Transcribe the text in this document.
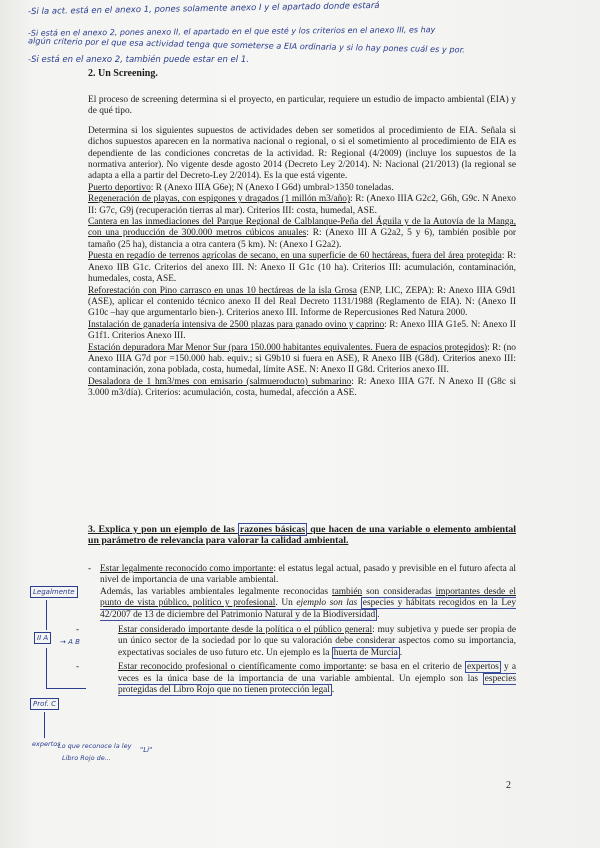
-Si la act. está en el anexo 1, pones solamente anexo I y el apartado donde estará
-Si está en el anexo 2, pones anexo II, el apartado en el que esté y los criterios en el anexo III, es hay
algún criterio por el que esa actividad tenga que someterse a EIA ordinaria y si lo hay pones cuál es y por.
-Si está en el anexo 2, también puede estar en el 1.
2. Un Screening.

El proceso de screening determina si el proyecto, en particular, requiere un estudio de impacto ambiental (EIA) y de qué tipo.

Determina si los siguientes supuestos de actividades deben ser sometidos al procedimiento de EIA. Señala si dichos supuestos aparecen en la normativa nacional o regional, o si el sometimiento al procedimiento de EIA es dependiente de las condiciones concretas de la actividad. R: Regional (4/2009) (incluye los supuestos de la normativa anterior). No vigente desde agosto 2014 (Decreto Ley 2/2014). N: Nacional (21/2013) (la regional se adapta a ella a partir del Decreto-Ley 2/2014). Es la que está vigente.

Puerto deportivo: R (Anexo IIIA G6e); N (Anexo I G6d) umbral>1350 toneladas.
Regeneración de playas, con espigones y dragados (1 millón m3/año): R: (Anexo IIIA G2c2, G6h, G9c. N Anexo II: G7c, G9j (recuperación tierras al mar). Criterios III: costa, humedal, ASE.
Cantera en las inmediaciones del Parque Regional de Calblanque-Peña del Águila y de la Autovía de la Manga, con una producción de 300.000 metros cúbicos anuales: R: (Anexo III A G2a2, 5 y 6), también posible por tamaño (25 ha), distancia a otra cantera (5 km). N: (Anexo I G2a2).
Puesta en regadío de terrenos agrícolas de secano, en una superficie de 60 hectáreas, fuera del área protegida: R: Anexo IIB G1c. Criterios del anexo III. N: Anexo II G1c (10 ha). Criterios III: acumulación, contaminación, humedales, costa, ASE.
Reforestación con Pino carrasco en unas 10 hectáreas de la isla Grosa (ENP, LIC, ZEPA): R: Anexo IIIA G9d1 (ASE), aplicar el contenido técnico anexo II del Real Decreto 1131/1988 (Reglamento de EIA). N: (Anexo II G10c –hay que argumentarlo bien-). Criterios anexo III. Informe de Repercusiones Red Natura 2000.
Instalación de ganadería intensiva de 2500 plazas para ganado ovino y caprino: R: Anexo IIIA G1e5. N: Anexo II G1f1. Criterios Anexo III.
Estación depuradora Mar Menor Sur (para 150.000 habitantes equivalentes. Fuera de espacios protegidos): R: (no Anexo IIIA G7d por =150.000 hab. equiv.; si G9b10 si fuera en ASE), R Anexo IIB (G8d). Criterios anexo III: contaminación, zona poblada, costa, humedal, límite ASE. N: Anexo II G8d. Criterios anexo III.
Desaladora de 1 hm3/mes con emisario (salmueroducto) submarino: R: Anexo IIIA G7f. N Anexo II (G8c si 3.000 m3/día). Criterios: acumulación, costa, humedal, afección a ASE.
3. Explica y pon un ejemplo de las razones básicas que hacen de una variable o elemento ambiental un parámetro de relevancia para valorar la calidad ambiental.
- Estar legalmente reconocido como importante: el estatus legal actual, pasado y previsible en el futuro afecta al nivel de importancia de una variable ambiental.
Además, las variables ambientales legalmente reconocidas también son consideradas importantes desde el punto de vista público, político y profesional. Un ejemplo son las especies y hábitats recogidos en la Ley 42/2007 de 13 de diciembre del Patrimonio Natural y de la Biodiversidad .
-	Estar considerado importante desde la política o el público general: muy subjetiva y puede ser propia de un único sector de la sociedad por lo que su valoración debe considerar aspectos como su importancia, expectativas sociales de uso futuro etc. Un ejemplo es la huerta de Murcia .
-	Estar reconocido profesional o científicamente como importante: se basa en el criterio de expertos y a veces es la única base de la importancia de una variable ambiental. Un ejemplo son las especies protegidas del Libro Rojo que no tienen protección legal .
Legalmente
II A	→ A B
Prof. C
expertos
Libro Rojo de...
Lo que reconoce la ley "Li"
2
